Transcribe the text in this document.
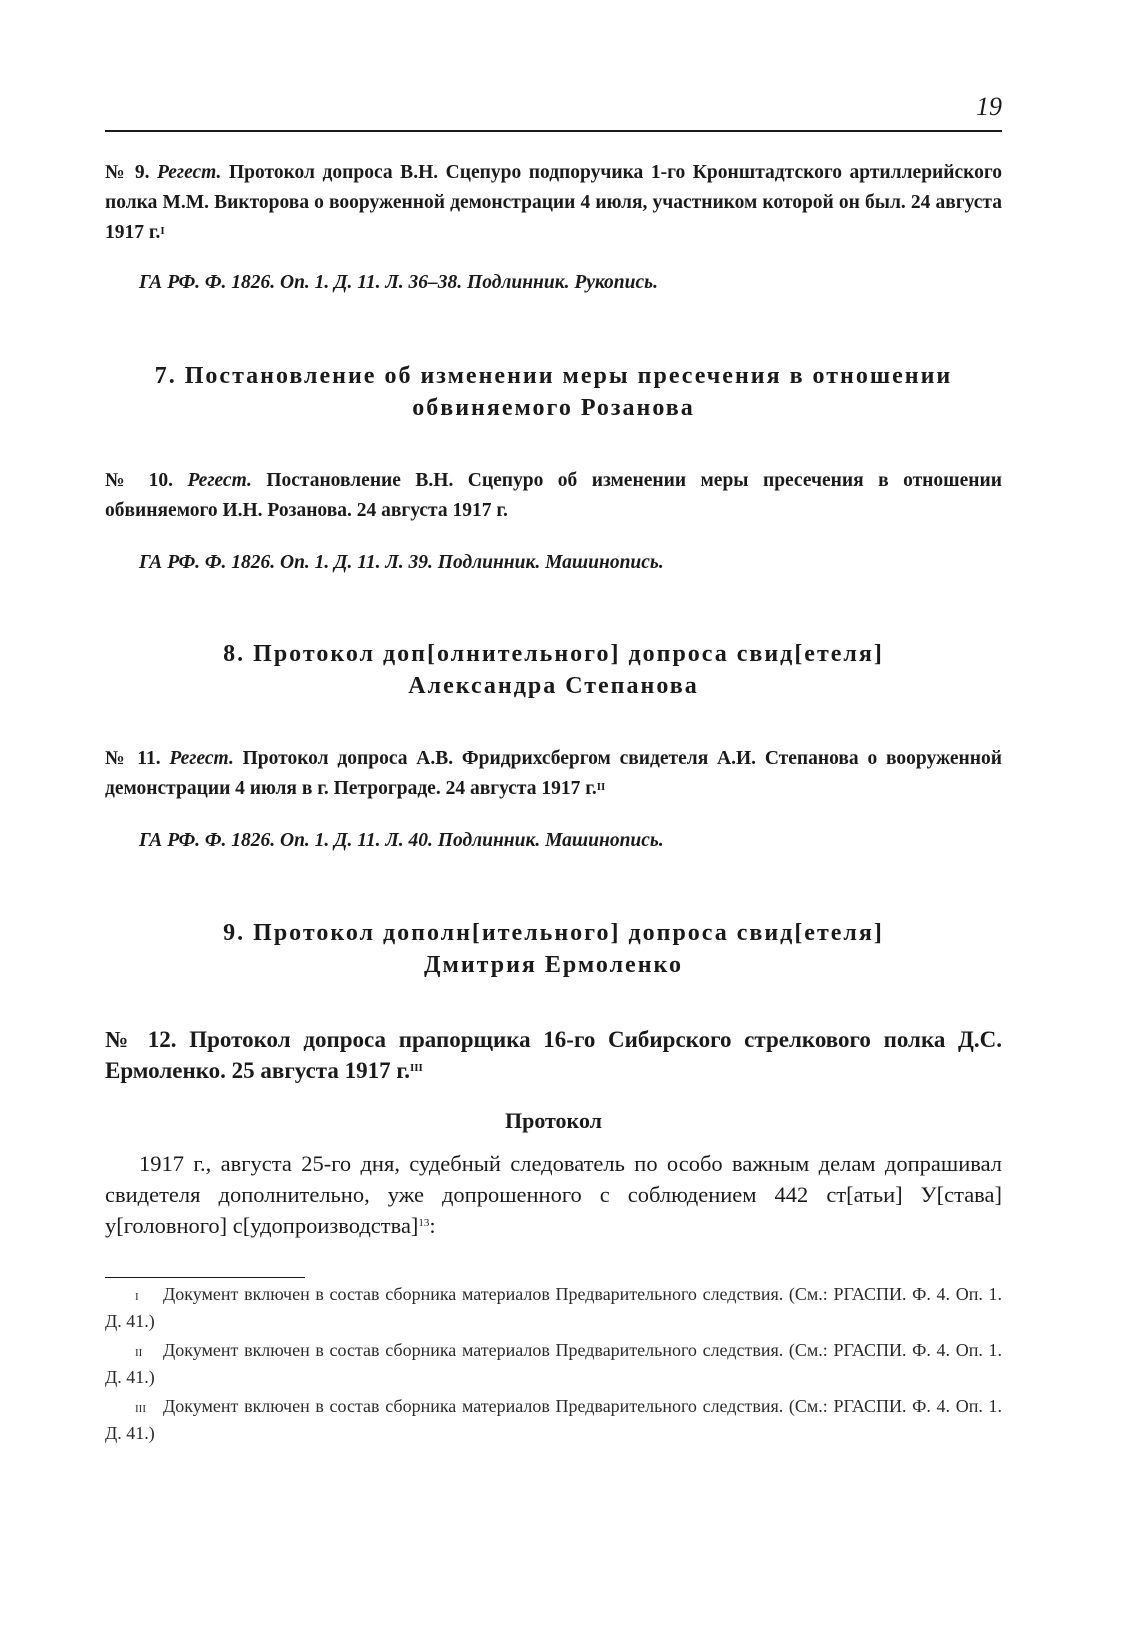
19
№ 9. Регест. Протокол допроса В.Н. Сцепуро подпоручика 1-го Кронштадтского артиллерийского полка М.М. Викторова о вооруженной демонстрации 4 июля, участником которой он был. 24 августа 1917 г.$^I$
ГА РФ. Ф. 1826. Оп. 1. Д. 11. Л. 36–38. Подлинник. Рукопись.
7. Постановление об изменении меры пресечения в отношении
обвиняемого Розанова
№ 10. Регест. Постановление В.Н. Сцепуро об изменении меры пресечения в отношении обвиняемого И.Н. Розанова. 24 августа 1917 г.
ГА РФ. Ф. 1826. Оп. 1. Д. 11. Л. 39. Подлинник. Машинопись.
8. Протокол доп[олнительного] допроса свид[етеля]
Александра Степанова
№ 11. Регест. Протокол допроса А.В. Фридрихсбергом свидетеля А.И. Степанова о вооруженной демонстрации 4 июля в г. Петрограде. 24 августа 1917 г.$^{II}$
ГА РФ. Ф. 1826. Оп. 1. Д. 11. Л. 40. Подлинник. Машинопись.
9. Протокол дополн[ительного] допроса свид[етеля]
Дмитрия Ермоленко
№ 12. Протокол допроса прапорщика 16-го Сибирского стрелкового полка Д.С. Ермоленко. 25 августа 1917 г.$^{III}$
Протокол
1917 г., августа 25-го дня, судебный следователь по особо важным делам допрашивал свидетеля дополнительно, уже допрошенного с соблюдением 442 ст[атьи] У[става] у[головного] с[удопроизводства]$^{13}$:
I Документ включен в состав сборника материалов Предварительного следствия. (См.: РГАСПИ. Ф. 4. Оп. 1. Д. 41.)
II Документ включен в состав сборника материалов Предварительного следствия. (См.: РГАСПИ. Ф. 4. Оп. 1. Д. 41.)
III Документ включен в состав сборника материалов Предварительного следствия. (См.: РГАСПИ. Ф. 4. Оп. 1. Д. 41.)
